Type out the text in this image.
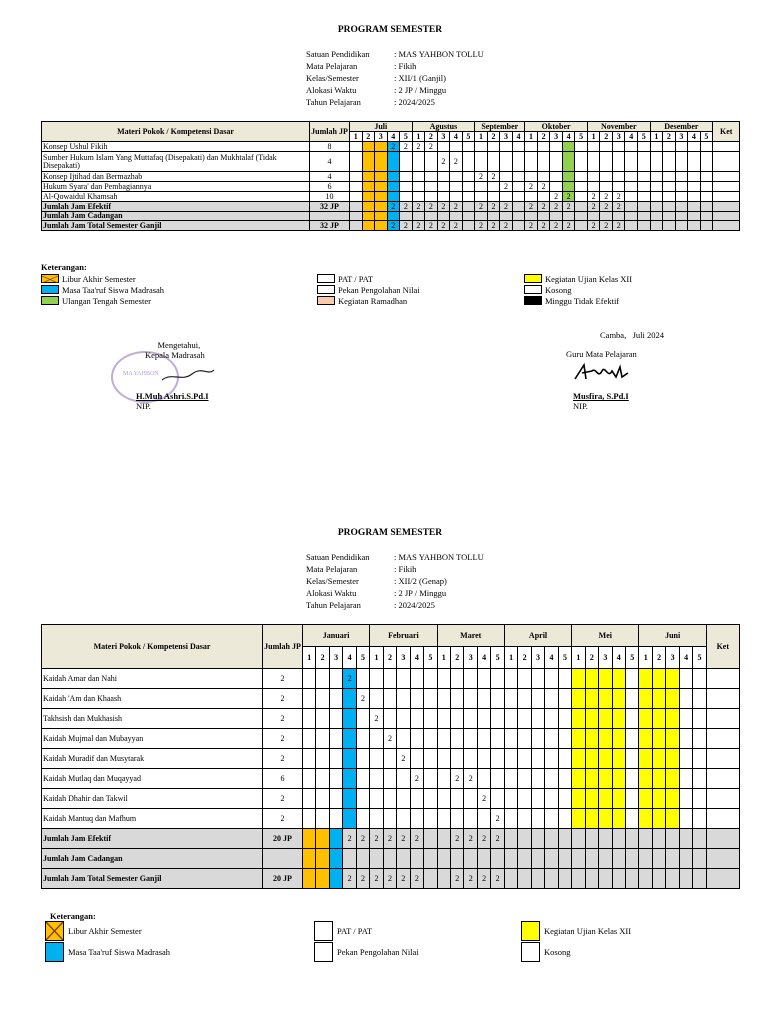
PROGRAM SEMESTER
Satuan Pendidikan	: MAS YAHBON TOLLU
Mata Pelajaran	: Fikih
Kelas/Semester	: XII/1 (Ganjil)
Alokasi Waktu	: 2 JP / Minggu
Tahun Pelajaran	: 2024/2025
Materi Pokok / Kompetensi Dasar	Jumlah JP	Juli					Agustus					September				Oktober					November					Desember					Ket
		1	2	3	4	5	1	2	3	4	5	1	2	3	4	1	2	3	4	5	1	2	3	4	5	1	2	3	4	5	
Konsep Ushul Fikih	8				2	2	2	2																							
Sumber Hukum Islam Yang Muttafaq (Disepakati) dan Mukhtalaf (Tidak Disepakati)	4								2	2																					
Konsep Ijtihad dan Bermazhab	4											2	2																		
Hukum Syara' dan Pembagiannya	6													2		2	2														
Al-Qowaidul Khamsah	10																	2	2		2	2	2								
Jumlah Jam Efektif	32 JP				2	2	2	2	2	2		2	2	2		2	2	2	2		2	2	2								
Jumlah Jam Cadangan																															
Jumlah Jam Total Semester Ganjil	32 JP				2	2	2	2	2	2		2	2	2		2	2	2	2		2	2	2								
Keterangan:
Libur Akhir Semester
Masa Taa'ruf Siswa Madrasah
Ulangan Tengah Semester
PAT / PAT
Pekan Pengolahan Nilai
Kegiatan Ramadhan
Kegiatan Ujian Kelas XII
Kosong
Minggu Tidak Efektif
MA YAHBON
Mengetahui,
Kepala Madrasah
H.Muh Ashri.S.Pd.I
NIP.
Camba, Juli 2024
Guru Mata Pelajaran
Musfira, S.Pd.I
NIP.
PROGRAM SEMESTER
Satuan Pendidikan	: MAS YAHBON TOLLU
Mata Pelajaran	: Fikih
Kelas/Semester	: XII/2 (Genap)
Alokasi Waktu	: 2 JP / Minggu
Tahun Pelajaran	: 2024/2025
Materi Pokok / Kompetensi Dasar	Jumlah JP	Januari					Februari					Maret					April					Mei					Juni					Ket
		1	2	3	4	5	1	2	3	4	5	1	2	3	4	5	1	2	3	4	5	1	2	3	4	5	1	2	3	4	5	
Kaidah Amar dan Nahi	2				2																											
Kaidah 'Am dan Khaash	2					2																										
Takhsish dan Mukhasish	2						2																									
Kaidah Mujmal dan Mubayyan	2							2																								
Kaidah Muradif dan Musytarak	2								2																							
Kaidah Mutlaq dan Muqayyad	6									2			2	2																		
Kaidah Dhahir dan Takwil	2														2																	
Kaidah Mantuq dan Mafhum	2															2																
Jumlah Jam Efektif	20 JP				2	2	2	2	2	2			2	2	2	2																
Jumlah Jam Cadangan																																
Jumlah Jam Total Semester Ganjil	20 JP				2	2	2	2	2	2			2	2	2	2																
Keterangan:
Libur Akhir Semester
Masa Taa'ruf Siswa Madrasah
PAT / PAT
Pekan Pengolahan Nilai
Kegiatan Ujian Kelas XII
Kosong
